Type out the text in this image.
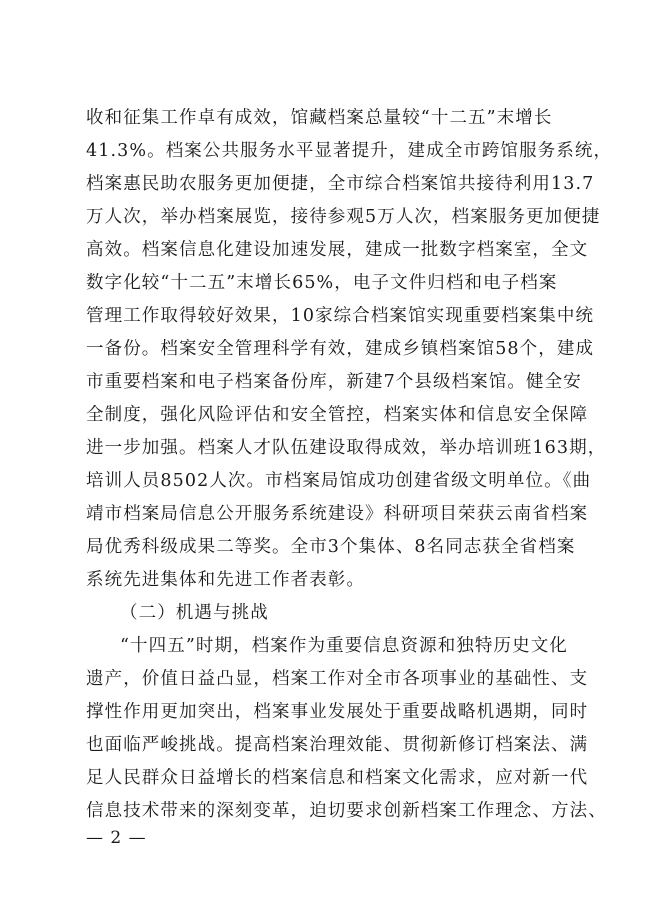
收和征集工作卓有成效，馆藏档案总量较“十二五”末增长
41.3%。档案公共服务水平显著提升，建成全市跨馆服务系统，
档案惠民助农服务更加便捷，全市综合档案馆共接待利用13.7
万人次，举办档案展览，接待参观5万人次，档案服务更加便捷
高效。档案信息化建设加速发展，建成一批数字档案室，全文
数字化较“十二五”末增长65%，电子文件归档和电子档案
管理工作取得较好效果，10家综合档案馆实现重要档案集中统
一备份。档案安全管理科学有效，建成乡镇档案馆58个，建成
市重要档案和电子档案备份库，新建7个县级档案馆。健全安
全制度，强化风险评估和安全管控，档案实体和信息安全保障
进一步加强。档案人才队伍建设取得成效，举办培训班163期，
培训人员8502人次。市档案局馆成功创建省级文明单位。《曲
靖市档案局信息公开服务系统建设》科研项目荣获云南省档案
局优秀科级成果二等奖。全市3个集体、8名同志获全省档案
系统先进集体和先进工作者表彰。
（二）机遇与挑战
“十四五”时期，档案作为重要信息资源和独特历史文化
遗产，价值日益凸显，档案工作对全市各项事业的基础性、支
撑性作用更加突出，档案事业发展处于重要战略机遇期，同时
也面临严峻挑战。提高档案治理效能、贯彻新修订档案法、满
足人民群众日益增长的档案信息和档案文化需求，应对新一代
信息技术带来的深刻变革，迫切要求创新档案工作理念、方法、
— 2 —
